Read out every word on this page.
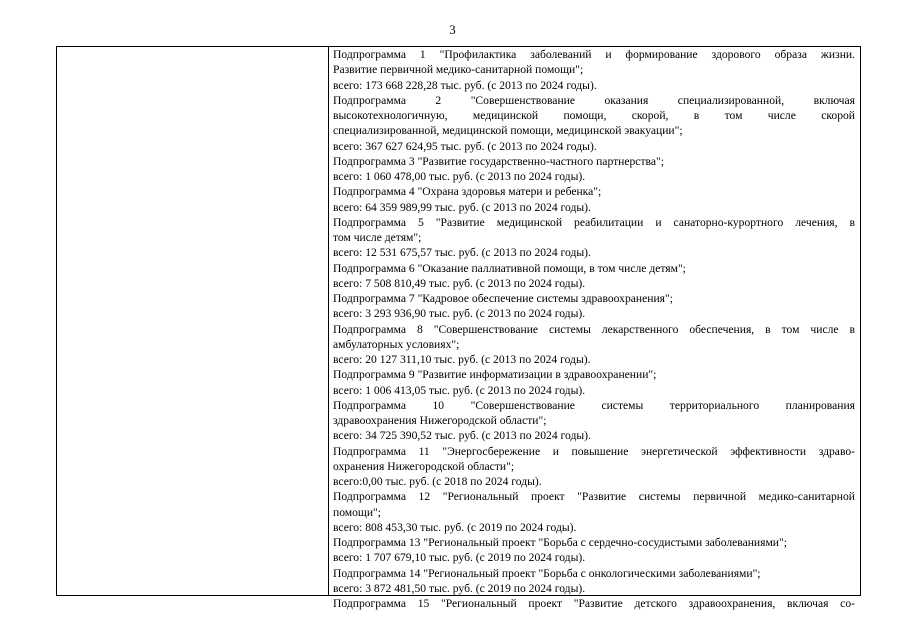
3
Подпрограмма 1 "Профилактика заболеваний и формирование здорового образа жизни.
Развитие первичной медико-санитарной помощи";
всего: 173 668 228,28 тыс. руб. (с 2013 по 2024 годы).
Подпрограмма 2 "Совершенствование оказания специализированной, включая
высокотехнологичную, медицинской помощи, скорой, в том числе скорой
специализированной, медицинской помощи, медицинской эвакуации";
всего: 367 627 624,95 тыс. руб. (с 2013 по 2024 годы).
Подпрограмма 3 "Развитие государственно-частного партнерства";
всего: 1 060 478,00 тыс. руб. (с 2013 по 2024 годы).
Подпрограмма 4 "Охрана здоровья матери и ребенка";
всего: 64 359 989,99 тыс. руб. (с 2013 по 2024 годы).
Подпрограмма 5 "Развитие медицинской реабилитации и санаторно-курортного лечения, в
том числе детям";
всего: 12 531 675,57 тыс. руб. (с 2013 по 2024 годы).
Подпрограмма 6 "Оказание паллиативной помощи, в том числе детям";
всего: 7 508 810,49 тыс. руб. (с 2013 по 2024 годы).
Подпрограмма 7 "Кадровое обеспечение системы здравоохранения";
всего: 3 293 936,90 тыс. руб. (с 2013 по 2024 годы).
Подпрограмма 8 "Совершенствование системы лекарственного обеспечения, в том числе в
амбулаторных условиях";
всего: 20 127 311,10 тыс. руб. (с 2013 по 2024 годы).
Подпрограмма 9 "Развитие информатизации в здравоохранении";
всего: 1 006 413,05 тыс. руб. (с 2013 по 2024 годы).
Подпрограмма 10 "Совершенствование системы территориального планирования
здравоохранения Нижегородской области";
всего: 34 725 390,52 тыс. руб. (с 2013 по 2024 годы).
Подпрограмма 11 "Энергосбережение и повышение энергетической эффективности здраво-
охранения Нижегородской области";
всего:0,00 тыс. руб. (с 2018 по 2024 годы).
Подпрограмма 12 "Региональный проект "Развитие системы первичной медико-санитарной
помощи";
всего: 808 453,30 тыс. руб. (с 2019 по 2024 годы).
Подпрограмма 13 "Региональный проект "Борьба с сердечно-сосудистыми заболеваниями";
всего: 1 707 679,10 тыс. руб. (с 2019 по 2024 годы).
Подпрограмма 14 "Региональный проект "Борьба с онкологическими заболеваниями";
всего: 3 872 481,50 тыс. руб. (с 2019 по 2024 годы).
Подпрограмма 15 "Региональный проект "Развитие детского здравоохранения, включая со-
